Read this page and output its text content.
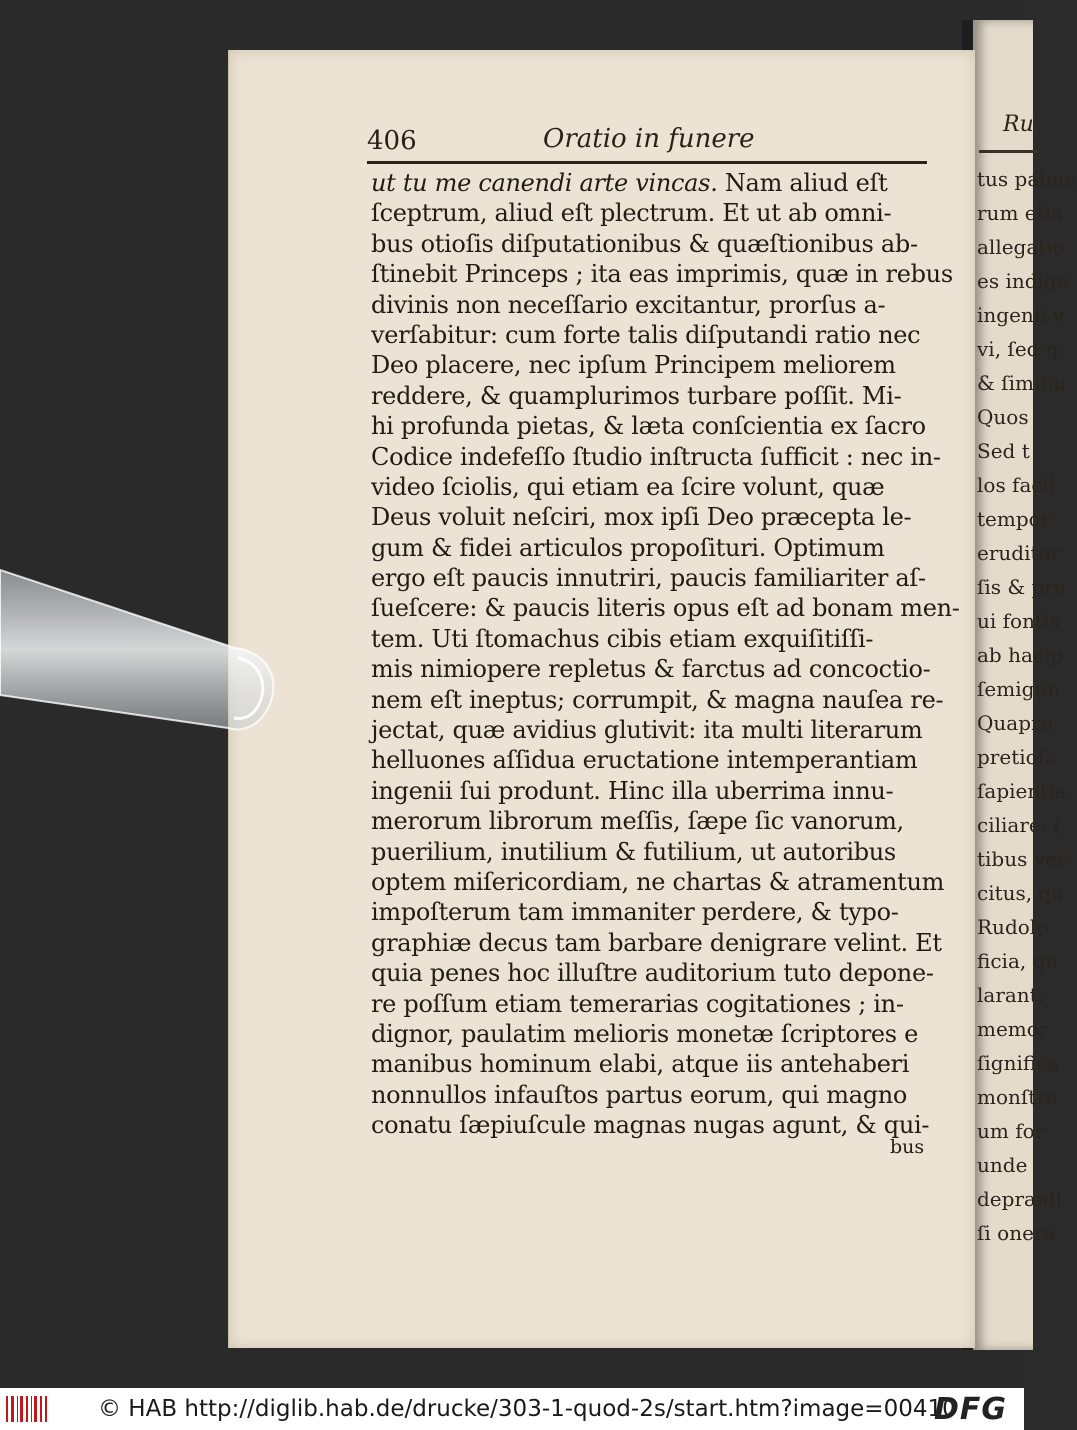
Ru
tus palma
rum etia
allegatio
es indige
ingenii v
vi, ſed q
& ſimiliu
Quos
Sed t
los facil
tempor
eruditor
ſis & pra
ui fontis
ab hacip
ſemigun
Quapro
pretioſa
ſapientia
ciliare. (
tibus ver
citus, qu
Rudolp
ficia, qu
larant;
memor
ſignifica
monſtra
um for
unde
deprædi
ſi onera
406	Oratio in funere
ut tu me canendi arte vincas. Nam aliud eſt
ſceptrum, aliud eſt plectrum. Et ut ab omni-
bus otioſis diſputationibus & quæſtionibus ab-
ſtinebit Princeps ; ita eas imprimis, quæ in rebus
divinis non neceſſario excitantur, prorſus a-
verſabitur: cum forte talis diſputandi ratio nec
Deo placere, nec ipſum Principem meliorem
reddere, & quamplurimos turbare poſſit. Mi-
hi profunda pietas, & læta conſcientia ex ſacro
Codice indefeſſo ſtudio inſtructa ſufficit : nec in-
video ſciolis, qui etiam ea ſcire volunt, quæ
Deus voluit neſciri, mox ipſi Deo præcepta le-
gum & fidei articulos propoſituri. Optimum
ergo eſt paucis innutriri, paucis familiariter aſ-
ſueſcere: & paucis literis opus eſt ad bonam men-
tem. Uti ſtomachus cibis etiam exquiſitiſſi-
mis nimiopere repletus & farctus ad concoctio-
nem eſt ineptus; corrumpit, & magna nauſea re-
jectat, quæ avidius glutivit: ita multi literarum
helluones aſſidua eructatione intemperantiam
ingenii ſui produnt. Hinc illa uberrima innu-
merorum librorum meſſis, ſæpe ſic vanorum,
puerilium, inutilium & futilium, ut autoribus
optem miſericordiam, ne chartas & atramentum
impoſterum tam immaniter perdere, & typo-
graphiæ decus tam barbare denigrare velint. Et
quia penes hoc illuſtre auditorium tuto depone-
re poſſum etiam temerarias cogitationes ; in-
dignor, paulatim melioris monetæ ſcriptores e
manibus hominum elabi, atque iis antehaberi
nonnullos infauſtos partus eorum, qui magno
conatu ſæpiuſcule magnas nugas agunt, & qui-
bus
© HAB http://diglib.hab.de/drucke/303-1-quod-2s/start.htm?image=00410
DFG
